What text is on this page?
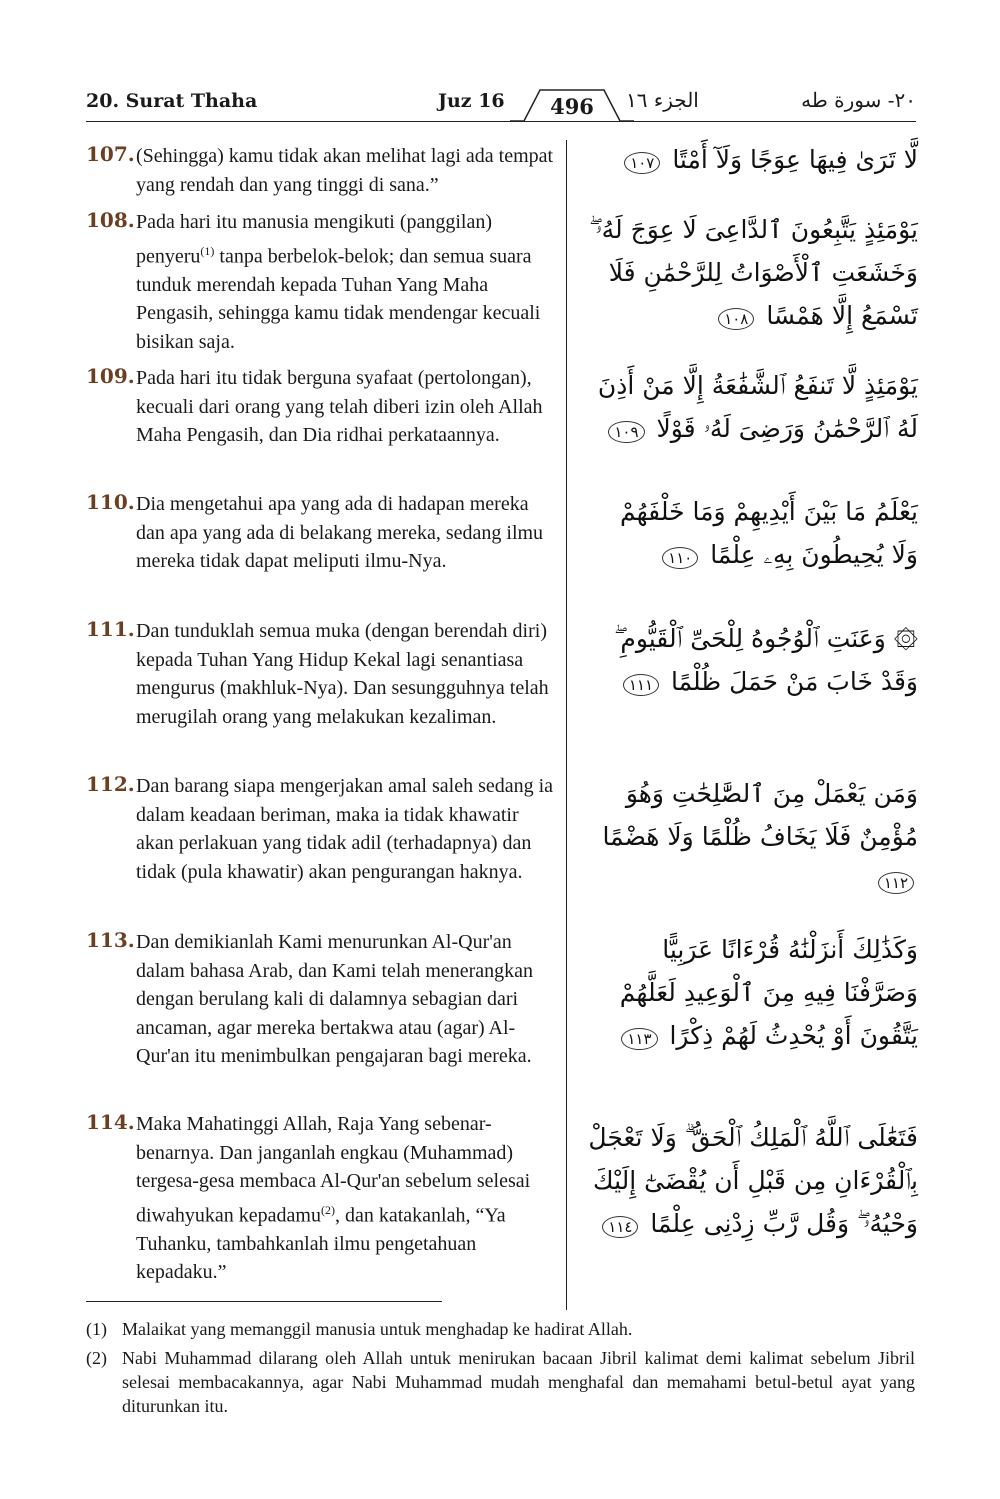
20. Surat Thaha	Juz 16	496	الجزء ١٦	٢٠- سورة طه
107. (Sehingga) kamu tidak akan melihat lagi ada tempat yang rendah dan yang tinggi di sana.”
لَّا تَرَىٰ فِيهَا عِوَجًا وَلَآ أَمْتًا ١٠٧
108. Pada hari itu manusia mengikuti (panggilan) penyeru$^{(1)}$ tanpa berbelok-belok; dan semua suara tunduk merendah kepada Tuhan Yang Maha Pengasih, sehingga kamu tidak mendengar kecuali bisikan saja.
يَوْمَئِذٍ يَتَّبِعُونَ ٱلدَّاعِىَ لَا عِوَجَ لَهُۥ ۖ وَخَشَعَتِ ٱلْأَصْوَاتُ لِلرَّحْمَٰنِ فَلَا تَسْمَعُ إِلَّا هَمْسًا ١٠٨
109. Pada hari itu tidak berguna syafaat (pertolongan), kecuali dari orang yang telah diberi izin oleh Allah Maha Pengasih, dan Dia ridhai perkataannya.
يَوْمَئِذٍ لَّا تَنفَعُ ٱلشَّفَٰعَةُ إِلَّا مَنْ أَذِنَ لَهُ ٱلرَّحْمَٰنُ وَرَضِىَ لَهُۥ قَوْلًا ١٠٩
110. Dia mengetahui apa yang ada di hadapan mereka dan apa yang ada di belakang mereka, sedang ilmu mereka tidak dapat meliputi ilmu-Nya.
يَعْلَمُ مَا بَيْنَ أَيْدِيهِمْ وَمَا خَلْفَهُمْ وَلَا يُحِيطُونَ بِهِۦ عِلْمًا ١١٠
111. Dan tunduklah semua muka (dengan berendah diri) kepada Tuhan Yang Hidup Kekal lagi senantiasa mengurus (makhluk-Nya). Dan sesungguhnya telah merugilah orang yang melakukan kezaliman.
۞ وَعَنَتِ ٱلْوُجُوهُ لِلْحَىِّ ٱلْقَيُّومِ ۖ وَقَدْ خَابَ مَنْ حَمَلَ ظُلْمًا ١١١
112. Dan barang siapa mengerjakan amal saleh sedang ia dalam keadaan beriman, maka ia tidak khawatir akan perlakuan yang tidak adil (terhadapnya) dan tidak (pula khawatir) akan pengurangan haknya.
وَمَن يَعْمَلْ مِنَ ٱلصَّٰلِحَٰتِ وَهُوَ مُؤْمِنٌ فَلَا يَخَافُ ظُلْمًا وَلَا هَضْمًا ١١٢
113. Dan demikianlah Kami menurunkan Al-Qur'an dalam bahasa Arab, dan Kami telah menerangkan dengan berulang kali di dalamnya sebagian dari ancaman, agar mereka bertakwa atau (agar) Al-Qur'an itu menimbulkan pengajaran bagi mereka.
وَكَذَٰلِكَ أَنزَلْنَٰهُ قُرْءَانًا عَرَبِيًّا وَصَرَّفْنَا فِيهِ مِنَ ٱلْوَعِيدِ لَعَلَّهُمْ يَتَّقُونَ أَوْ يُحْدِثُ لَهُمْ ذِكْرًا ١١٣
114. Maka Mahatinggi Allah, Raja Yang sebenar-benarnya. Dan janganlah engkau (Muhammad) tergesa-gesa membaca Al-Qur'an sebelum selesai diwahyukan kepadamu$^{(2)}$, dan katakanlah, “Ya Tuhanku, tambahkanlah ilmu pengetahuan kepadaku.”
فَتَعَٰلَى ٱللَّهُ ٱلْمَلِكُ ٱلْحَقُّ ۗ وَلَا تَعْجَلْ بِٱلْقُرْءَانِ مِن قَبْلِ أَن يُقْضَىٰٓ إِلَيْكَ وَحْيُهُۥ ۖ وَقُل رَّبِّ زِدْنِى عِلْمًا ١١٤
(1) Malaikat yang memanggil manusia untuk menghadap ke hadirat Allah.
(2) Nabi Muhammad dilarang oleh Allah untuk menirukan bacaan Jibril kalimat demi kalimat sebelum Jibril selesai membacakannya, agar Nabi Muhammad mudah menghafal dan memahami betul-betul ayat yang diturunkan itu.
